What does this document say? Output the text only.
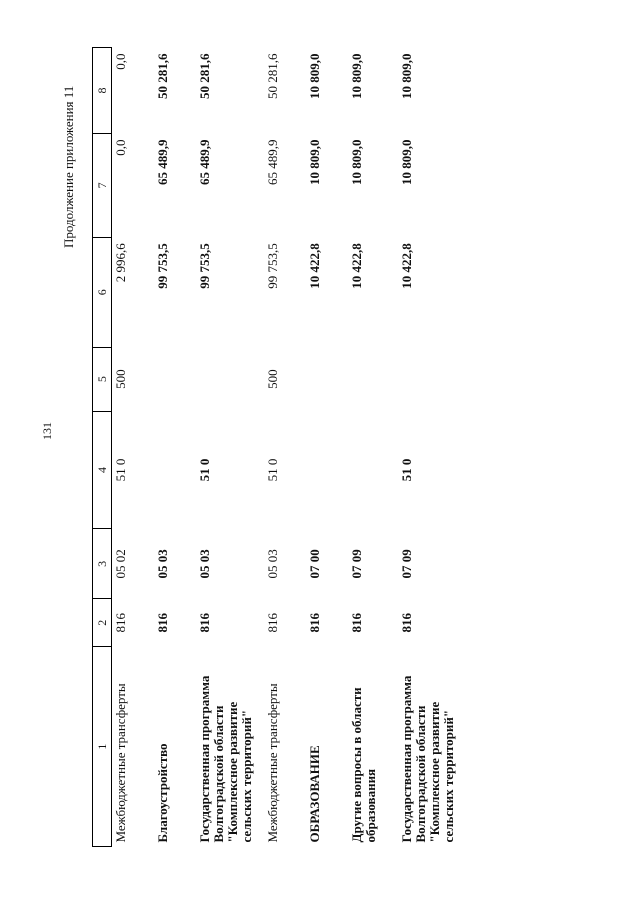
131
Продолжение приложения 11
1	2	3	4	5	6	7	8
Межбюджетные трансферты	816	05 02	51 0	500	2 996,6	0,0	0,0
Благоустройство	816	05 03			99 753,5	65 489,9	50 281,6
Государственная программа Волгоградской области "Комплексное развитие сельских территорий"	816	05 03	51 0		99 753,5	65 489,9	50 281,6
Межбюджетные трансферты	816	05 03	51 0	500	99 753,5	65 489,9	50 281,6
ОБРАЗОВАНИЕ	816	07 00			10 422,8	10 809,0	10 809,0
Другие вопросы в области образования	816	07 09			10 422,8	10 809,0	10 809,0
Государственная программа Волгоградской области "Комплексное развитие сельских территорий"	816	07 09	51 0		10 422,8	10 809,0	10 809,0
